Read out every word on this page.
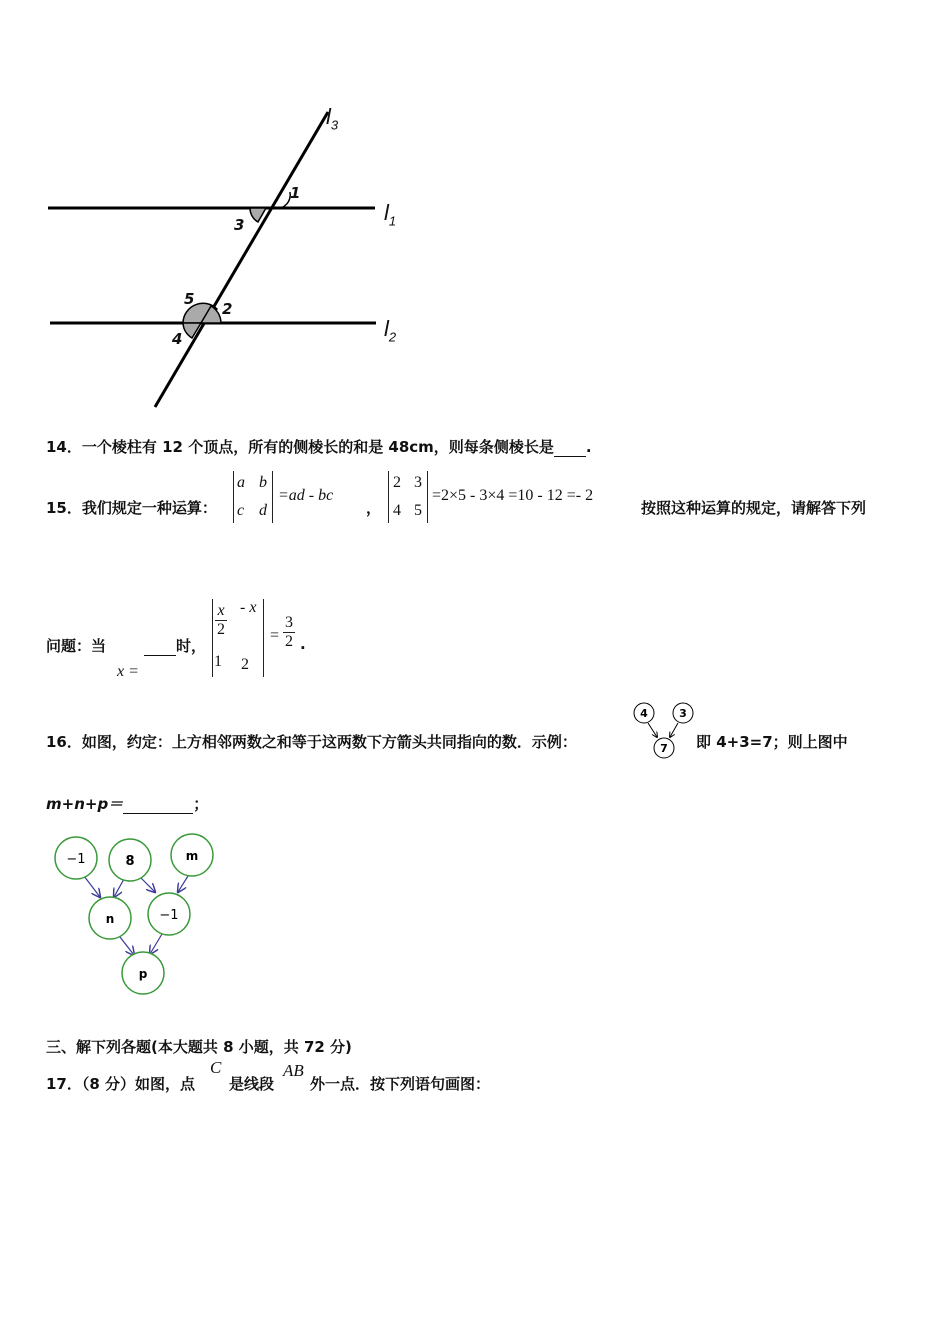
$l_3$
$l_1$
$l_2$
1
3
5
2
4
14．一个棱柱有 12 个顶点，所有的侧棱长的和是 48cm，则每条侧棱长是 .
15．我们规定一种运算：
a b
c d
=ad - bc
，
2 3
4 5
=2×5 - 3×4 =10 - 12 =- 2
按照这种运算的规定，请解答下列
问题：当	时，
x =
$\frac{x}{2}$ - x
1 2
= $\frac{3}{2}$ .
16．如图，约定：上方相邻两数之和等于这两数下方箭头共同指向的数．示例：
4	3
7 即 4+3=7；则上图中
m+n+p＝	；
−1	8	m
n	−1
p
三、解下列各题(本大题共 8 小题，共 72 分)
17．（8 分）如图，点
C
是线段
AB
外一点．按下列语句画图：
